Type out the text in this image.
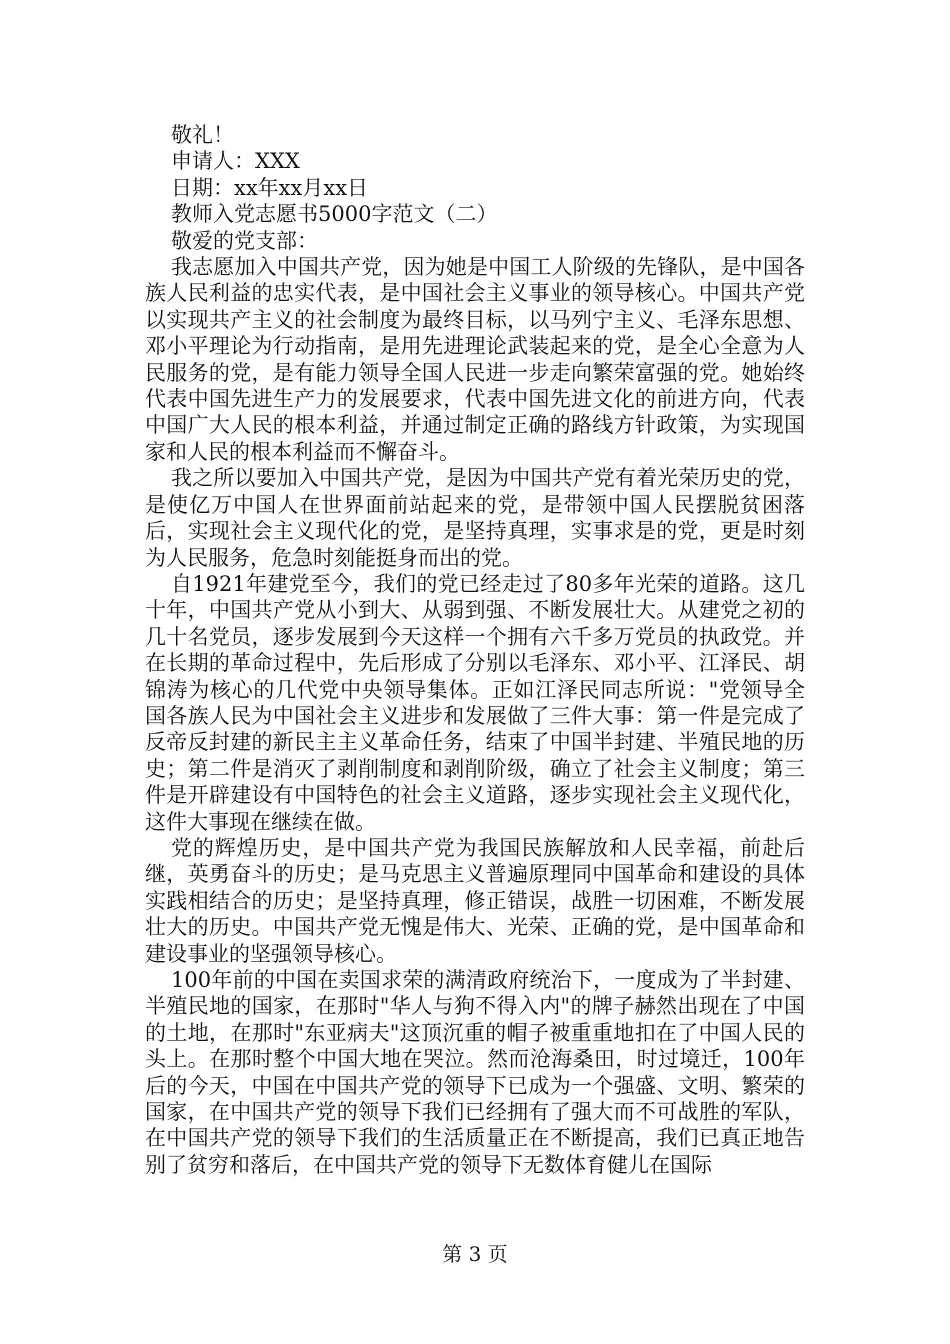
敬礼！

申请人：XXX

日期：xx年xx月xx日

教师入党志愿书5000字范文（二）

敬爱的党支部：

我志愿加入中国共产党，因为她是中国工人阶级的先锋队，是中国各族人民利益的忠实代表，是中国社会主义事业的领导核心。中国共产党以实现共产主义的社会制度为最终目标，以马列宁主义、毛泽东思想、邓小平理论为行动指南，是用先进理论武装起来的党，是全心全意为人民服务的党，是有能力领导全国人民进一步走向繁荣富强的党。她始终代表中国先进生产力的发展要求，代表中国先进文化的前进方向，代表中国广大人民的根本利益，并通过制定正确的路线方针政策，为实现国家和人民的根本利益而不懈奋斗。

我之所以要加入中国共产党，是因为中国共产党有着光荣历史的党，是使亿万中国人在世界面前站起来的党，是带领中国人民摆脱贫困落后，实现社会主义现代化的党，是坚持真理，实事求是的党，更是时刻为人民服务，危急时刻能挺身而出的党。

自1921年建党至今，我们的党已经走过了80多年光荣的道路。这几十年，中国共产党从小到大、从弱到强、不断发展壮大。从建党之初的几十名党员，逐步发展到今天这样一个拥有六千多万党员的执政党。并在长期的革命过程中，先后形成了分别以毛泽东、邓小平、江泽民、胡锦涛为核心的几代党中央领导集体。正如江泽民同志所说："党领导全国各族人民为中国社会主义进步和发展做了三件大事：第一件是完成了反帝反封建的新民主主义革命任务，结束了中国半封建、半殖民地的历史；第二件是消灭了剥削制度和剥削阶级，确立了社会主义制度；第三件是开辟建设有中国特色的社会主义道路，逐步实现社会主义现代化，这件大事现在继续在做。

党的辉煌历史，是中国共产党为我国民族解放和人民幸福，前赴后继，英勇奋斗的历史；是马克思主义普遍原理同中国革命和建设的具体实践相结合的历史；是坚持真理，修正错误，战胜一切困难，不断发展壮大的历史。中国共产党无愧是伟大、光荣、正确的党，是中国革命和建设事业的坚强领导核心。

100年前的中国在卖国求荣的满清政府统治下，一度成为了半封建、半殖民地的国家，在那时"华人与狗不得入内"的牌子赫然出现在了中国的土地，在那时"东亚病夫"这顶沉重的帽子被重重地扣在了中国人民的头上。在那时整个中国大地在哭泣。然而沧海桑田，时过境迁，100年后的今天，中国在中国共产党的领导下已成为一个强盛、文明、繁荣的国家，在中国共产党的领导下我们已经拥有了强大而不可战胜的军队，在中国共产党的领导下我们的生活质量正在不断提高，我们已真正地告别了贫穷和落后，在中国共产党的领导下无数体育健儿在国际

第 3 页
